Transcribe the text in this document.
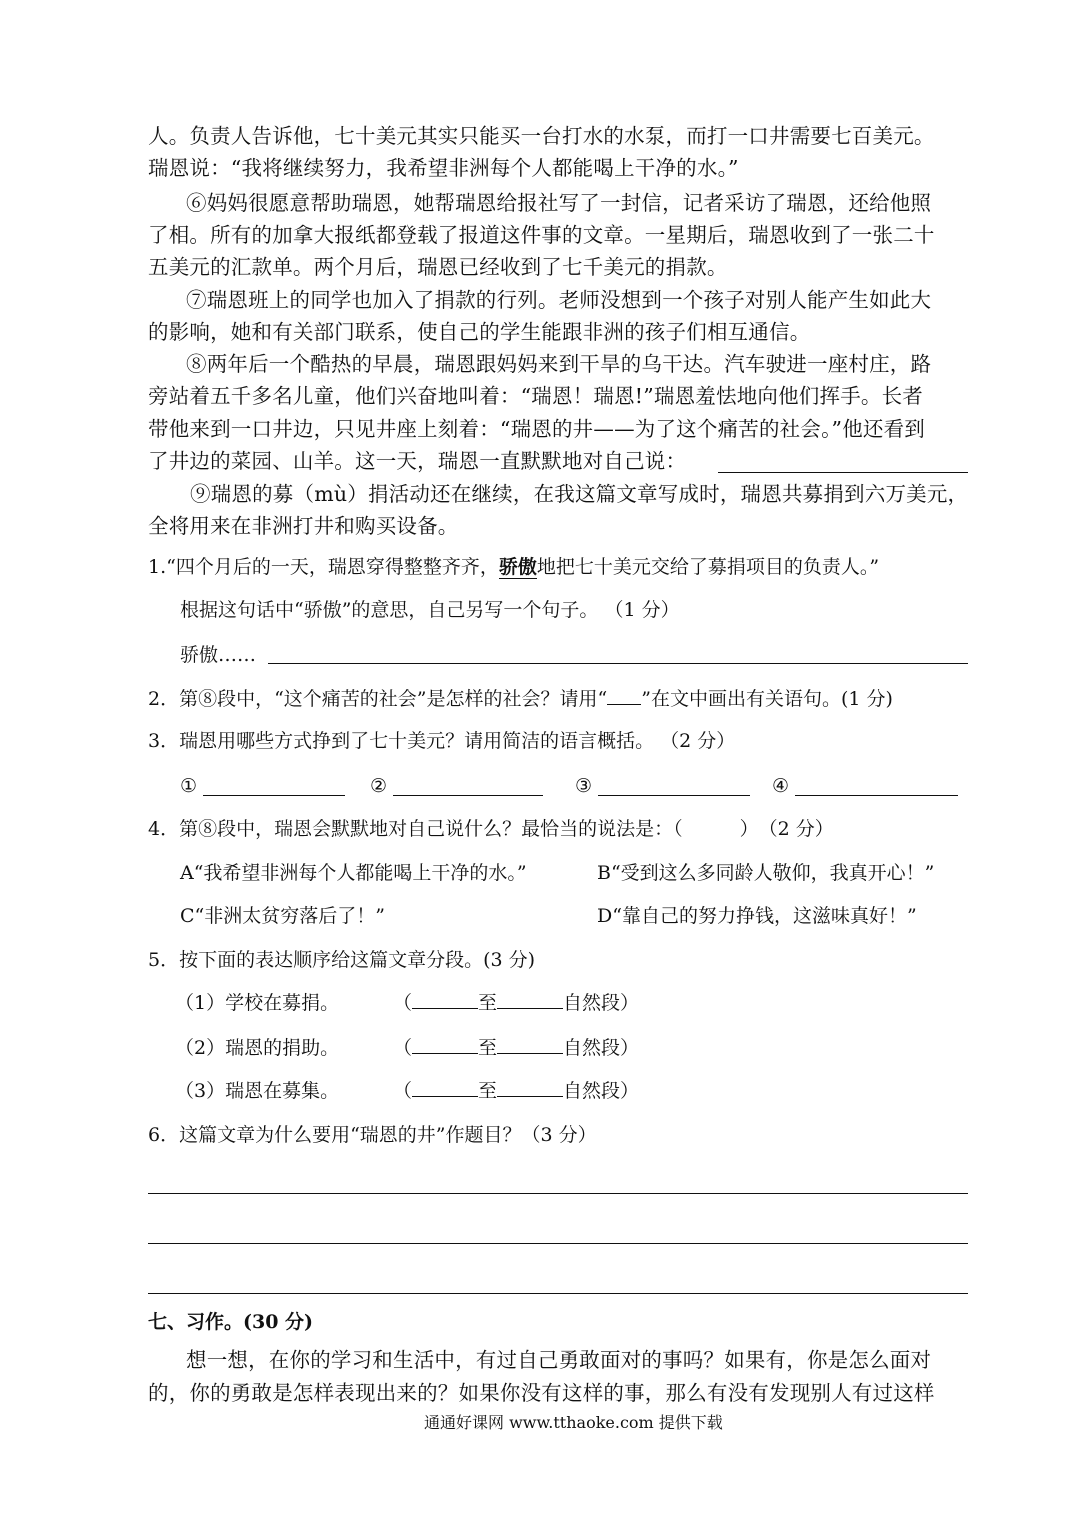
人。负责人告诉他，七十美元其实只能买一台打水的水泵，而打一口井需要七百美元。
瑞恩说：“我将继续努力，我希望非洲每个人都能喝上干净的水。”
⑥妈妈很愿意帮助瑞恩，她帮瑞恩给报社写了一封信，记者采访了瑞恩，还给他照
了相。所有的加拿大报纸都登载了报道这件事的文章。一星期后，瑞恩收到了一张二十
五美元的汇款单。两个月后，瑞恩已经收到了七千美元的捐款。
⑦瑞恩班上的同学也加入了捐款的行列。老师没想到一个孩子对别人能产生如此大
的影响，她和有关部门联系，使自己的学生能跟非洲的孩子们相互通信。
⑧两年后一个酷热的早晨，瑞恩跟妈妈来到干旱的乌干达。汽车驶进一座村庄，路
旁站着五千多名儿童，他们兴奋地叫着：“瑞恩！瑞恩!”瑞恩羞怯地向他们挥手。长者
带他来到一口井边，只见井座上刻着：“瑞恩的井——为了这个痛苦的社会。”他还看到
了井边的菜园、山羊。这一天，瑞恩一直默默地对自己说：
⑨瑞恩的募（mù）捐活动还在继续，在我这篇文章写成时，瑞恩共募捐到六万美元，
全将用来在非洲打井和购买设备。
1.“四个月后的一天，瑞恩穿得整整齐齐，骄傲地把七十美元交给了募捐项目的负责人。”
根据这句话中“骄傲”的意思，自己另写一个句子。 （1 分）
骄傲……
2．第⑧段中，“这个痛苦的社会”是怎样的社会？请用“ ”在文中画出有关语句。(1 分)
3．瑞恩用哪些方式挣到了七十美元？请用简洁的语言概括。 （2 分）
①	②	③	④
4．第⑧段中，瑞恩会默默地对自己说什么？最恰当的说法是：（　　　）　（2 分）
A“我希望非洲每个人都能喝上干净的水。”	B“受到这么多同龄人敬仰，我真开心！”
C“非洲太贫穷落后了！”	D“靠自己的努力挣钱，这滋味真好！”
5．按下面的表达顺序给这篇文章分段。(3 分)
（1）学校在募捐。	（	至	自然段）
（2）瑞恩的捐助。	（	至	自然段）
（3）瑞恩在募集。	（	至	自然段）
6．这篇文章为什么要用“瑞恩的井”作题目？（3 分）
七、习作。(30 分)
想一想，在你的学习和生活中，有过自己勇敢面对的事吗？如果有，你是怎么面对
的，你的勇敢是怎样表现出来的？如果你没有这样的事，那么有没有发现别人有过这样
通通好课网 www.tthaoke.com 提供下载
